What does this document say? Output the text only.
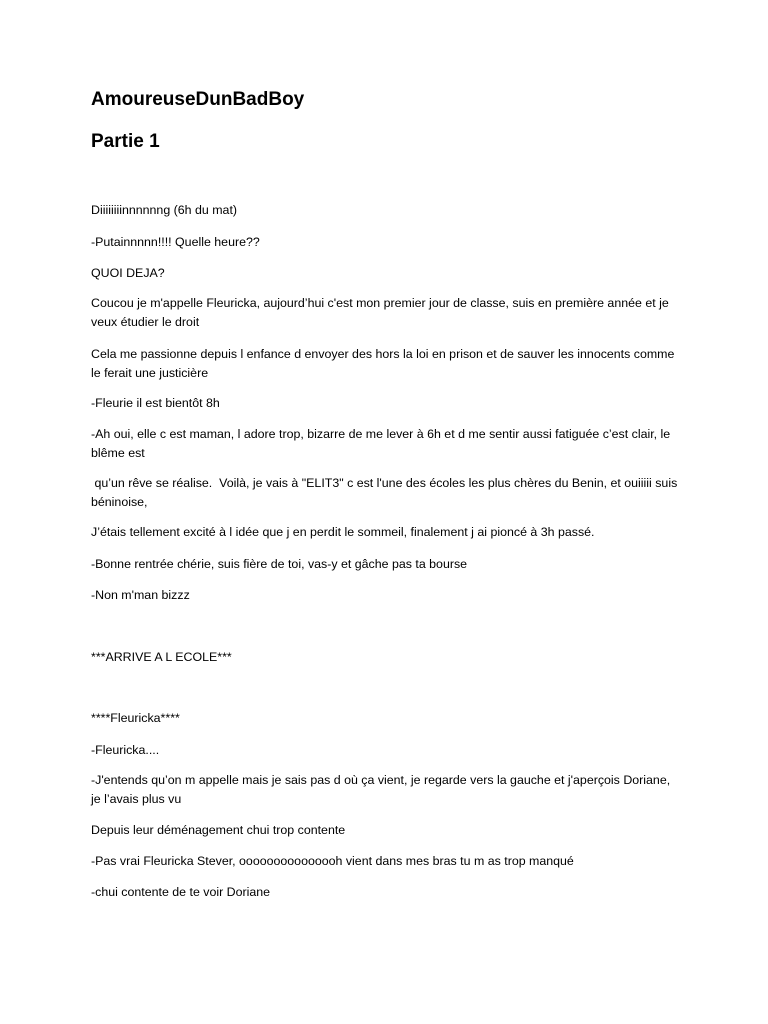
AmoureuseDunBadBoy
Partie 1

Diiiiiiiinnnnnng (6h du mat)

-Putainnnnn!!!! Quelle heure??

QUOI DEJA?

Coucou je m'appelle Fleuricka, aujourd’hui c'est mon premier jour de classe, suis en première année et je veux étudier le droit

Cela me passionne depuis l enfance d envoyer des hors la loi en prison et de sauver les innocents comme le ferait une justicière

-Fleurie il est bientôt 8h

-Ah oui, elle c est maman, l adore trop, bizarre de me lever à 6h et d me sentir aussi fatiguée c’est clair, le blême est

qu’un rêve se réalise.  Voilà, je vais à "ELIT3" c est l'une des écoles les plus chères du Benin, et ouiiiii suis béninoise,

J’étais tellement excité à l idée que j en perdit le sommeil, finalement j ai pioncé à 3h passé.

-Bonne rentrée chérie, suis fière de toi, vas-y et gâche pas ta bourse

-Non m'man bizzz

***ARRIVE A L ECOLE***

****Fleuricka****

-Fleuricka....

-J'entends qu’on m appelle mais je sais pas d où ça vient, je regarde vers la gauche et j'aperçois Doriane, je l’avais plus vu

Depuis leur déménagement chui trop contente

-Pas vrai Fleuricka Stever, ooooooooooooooh vient dans mes bras tu m as trop manqué

-chui contente de te voir Doriane
